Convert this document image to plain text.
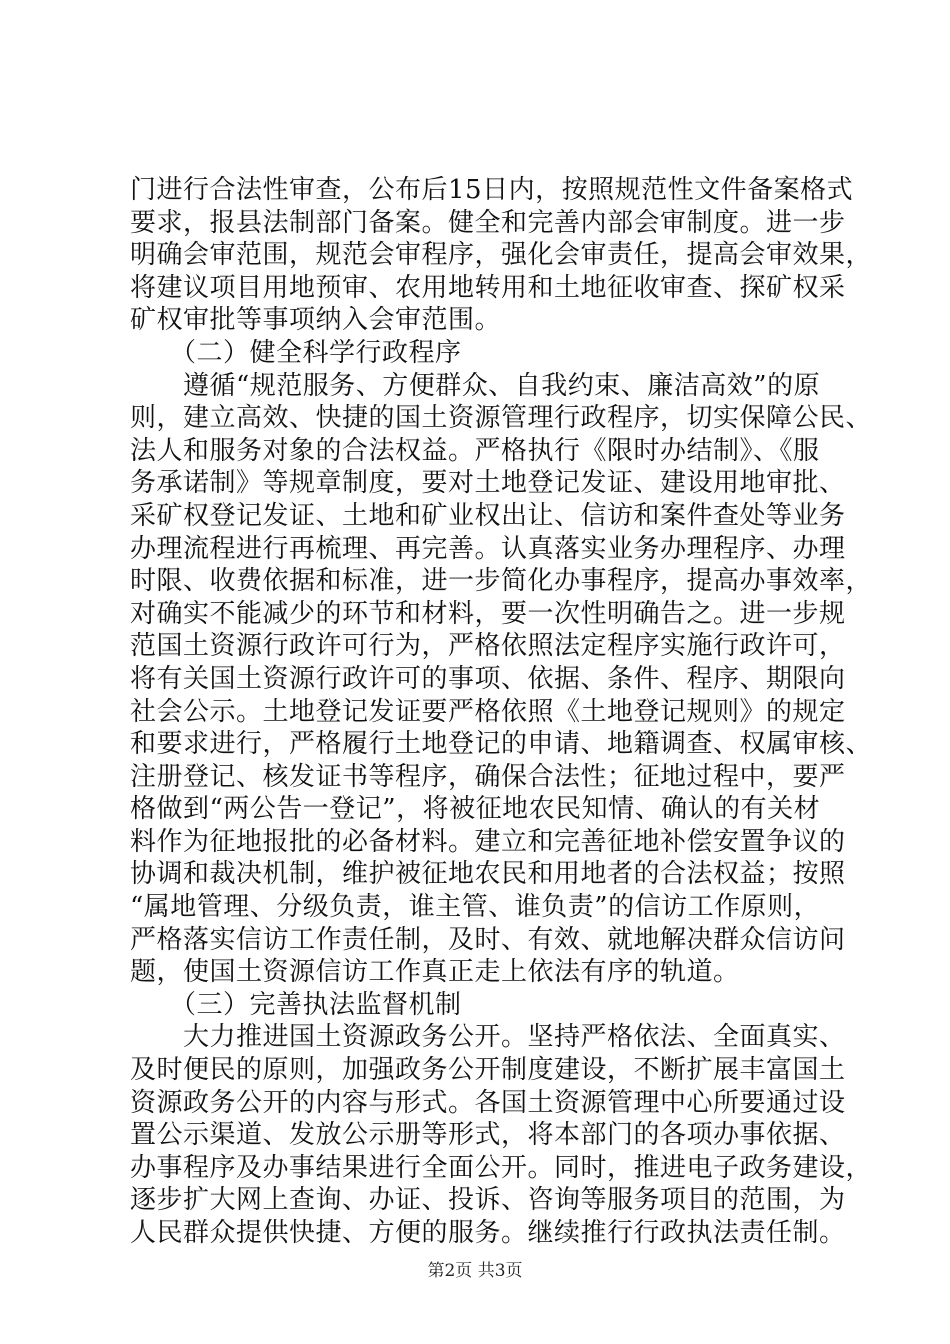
门进行合法性审查，公布后15日内，按照规范性文件备案格式
要求，报县法制部门备案。健全和完善内部会审制度。进一步
明确会审范围，规范会审程序，强化会审责任，提高会审效果，
将建议项目用地预审、农用地转用和土地征收审查、探矿权采
矿权审批等事项纳入会审范围。
　　（二）健全科学行政程序
　　遵循“规范服务、方便群众、自我约束、廉洁高效”的原
则，建立高效、快捷的国土资源管理行政程序，切实保障公民、
法人和服务对象的合法权益。严格执行《限时办结制》、《服
务承诺制》等规章制度，要对土地登记发证、建设用地审批、
采矿权登记发证、土地和矿业权出让、信访和案件查处等业务
办理流程进行再梳理、再完善。认真落实业务办理程序、办理
时限、收费依据和标准，进一步简化办事程序，提高办事效率，
对确实不能减少的环节和材料，要一次性明确告之。进一步规
范国土资源行政许可行为，严格依照法定程序实施行政许可，
将有关国土资源行政许可的事项、依据、条件、程序、期限向
社会公示。土地登记发证要严格依照《土地登记规则》的规定
和要求进行，严格履行土地登记的申请、地籍调查、权属审核、
注册登记、核发证书等程序，确保合法性；征地过程中，要严
格做到“两公告一登记”，将被征地农民知情、确认的有关材
料作为征地报批的必备材料。建立和完善征地补偿安置争议的
协调和裁决机制，维护被征地农民和用地者的合法权益；按照
“属地管理、分级负责，谁主管、谁负责”的信访工作原则，
严格落实信访工作责任制，及时、有效、就地解决群众信访问
题，使国土资源信访工作真正走上依法有序的轨道。
　　（三）完善执法监督机制
　　大力推进国土资源政务公开。坚持严格依法、全面真实、
及时便民的原则，加强政务公开制度建设，不断扩展丰富国土
资源政务公开的内容与形式。各国土资源管理中心所要通过设
置公示渠道、发放公示册等形式，将本部门的各项办事依据、
办事程序及办事结果进行全面公开。同时，推进电子政务建设，
逐步扩大网上查询、办证、投诉、咨询等服务项目的范围，为
人民群众提供快捷、方便的服务。继续推行行政执法责任制。
第2页 共3页
